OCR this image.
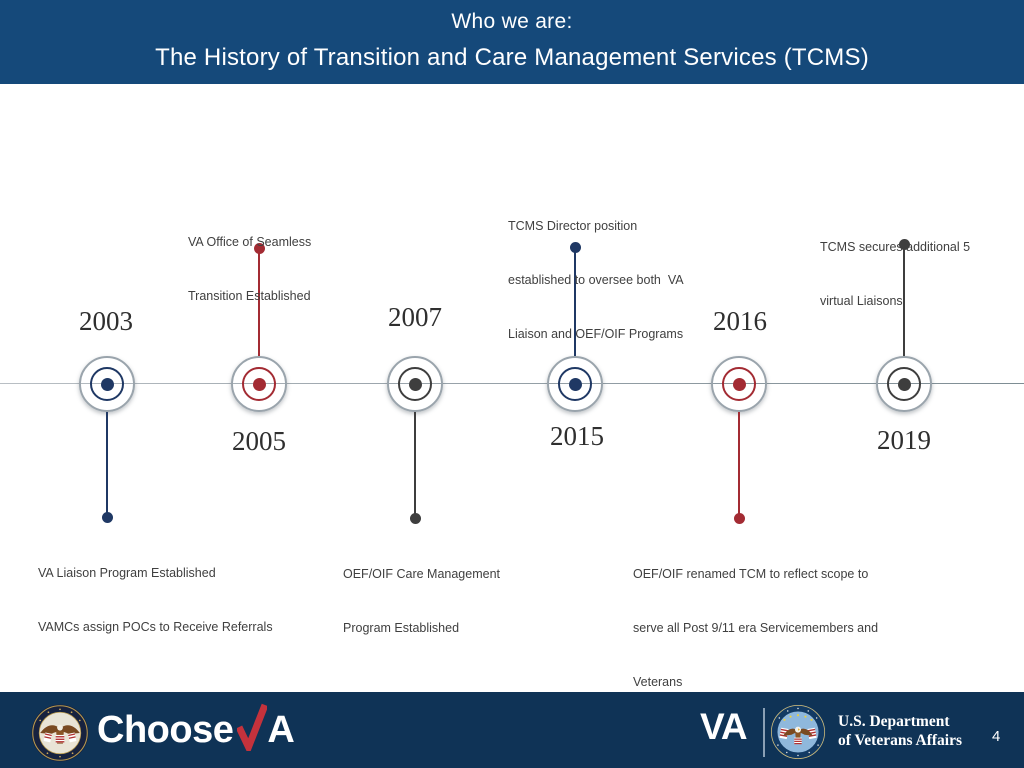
Who we are:
The History of Transition and Care Management Services (TCMS)
2003

VA Liaison Program Established

VAMCs assign POCs to Receive Referrals

2005

VA Office of Seamless

Transition Established

2007

OEF/OIF Care Management

Program Established

2015

TCMS Director position

established to oversee both  VA

Liaison and OEF/OIF Programs

2016

OEF/OIF renamed TCM to reflect scope to

serve all Post 9/11 era Servicemembers and

Veterans

2019

TCMS secures additional 5

virtual Liaisons

Choose A	VA	U.S. Department
of Veterans Affairs 4
